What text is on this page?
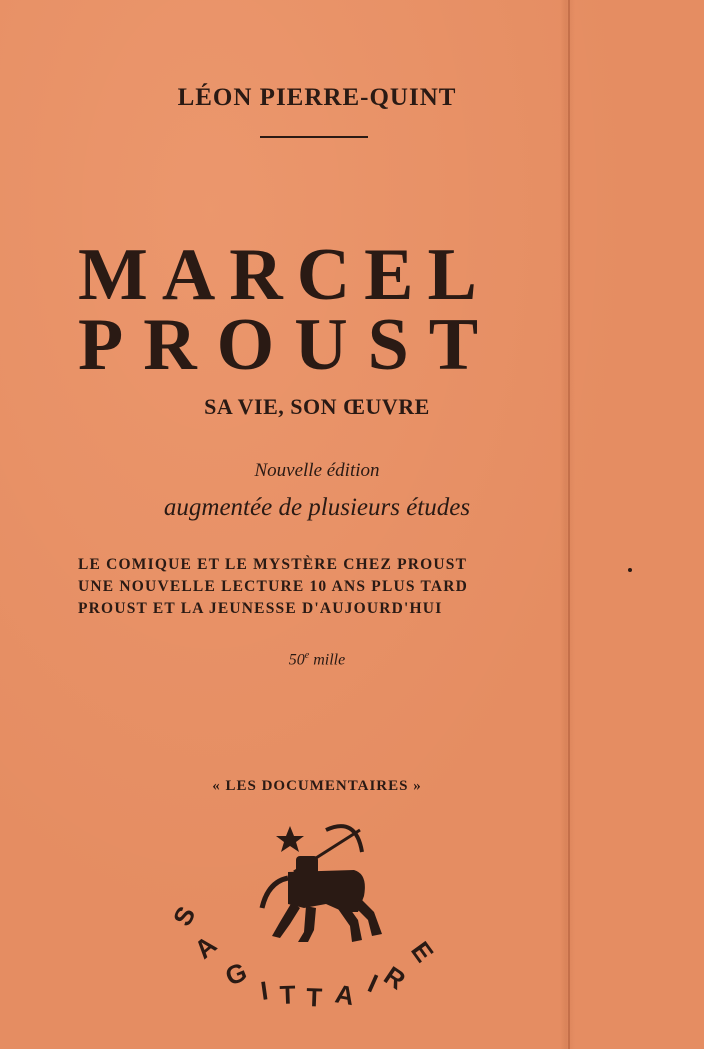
LÉON PIERRE-QUINT
MARCEL
PROUST
SA VIE, SON ŒUVRE
Nouvelle édition
augmentée de plusieurs études
LE COMIQUE ET LE MYSTÈRE CHEZ PROUST
UNE NOUVELLE LECTURE 10 ANS PLUS TARD
PROUST ET LA JEUNESSE D'AUJOURD'HUI
50e mille
« LES DOCUMENTAIRES »
S
A
G I T T A I
R
E
